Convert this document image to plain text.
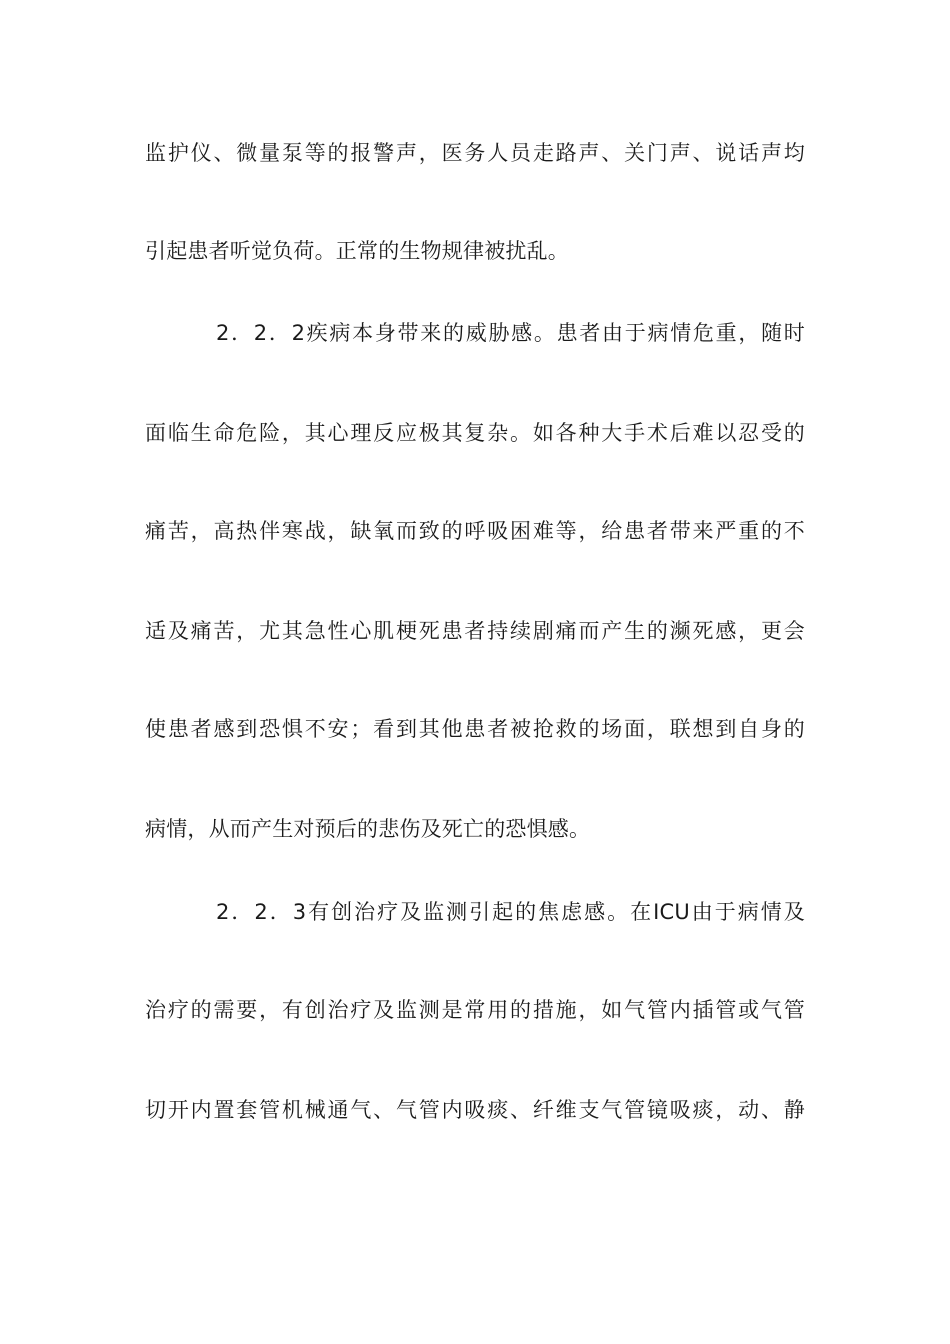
监护仪、微量泵等的报警声，医务人员走路声、关门声、说话声均
引起患者听觉负荷。正常的生物规律被扰乱。
2．2．2疾病本身带来的威胁感。患者由于病情危重，随时
面临生命危险，其心理反应极其复杂。如各种大手术后难以忍受的
痛苦，高热伴寒战，缺氧而致的呼吸困难等，给患者带来严重的不
适及痛苦，尤其急性心肌梗死患者持续剧痛而产生的濒死感，更会
使患者感到恐惧不安；看到其他患者被抢救的场面，联想到自身的
病情，从而产生对预后的悲伤及死亡的恐惧感。
2．2．3有创治疗及监测引起的焦虑感。在ICU由于病情及
治疗的需要，有创治疗及监测是常用的措施，如气管内插管或气管
切开内置套管机械通气、气管内吸痰、纤维支气管镜吸痰，动、静
